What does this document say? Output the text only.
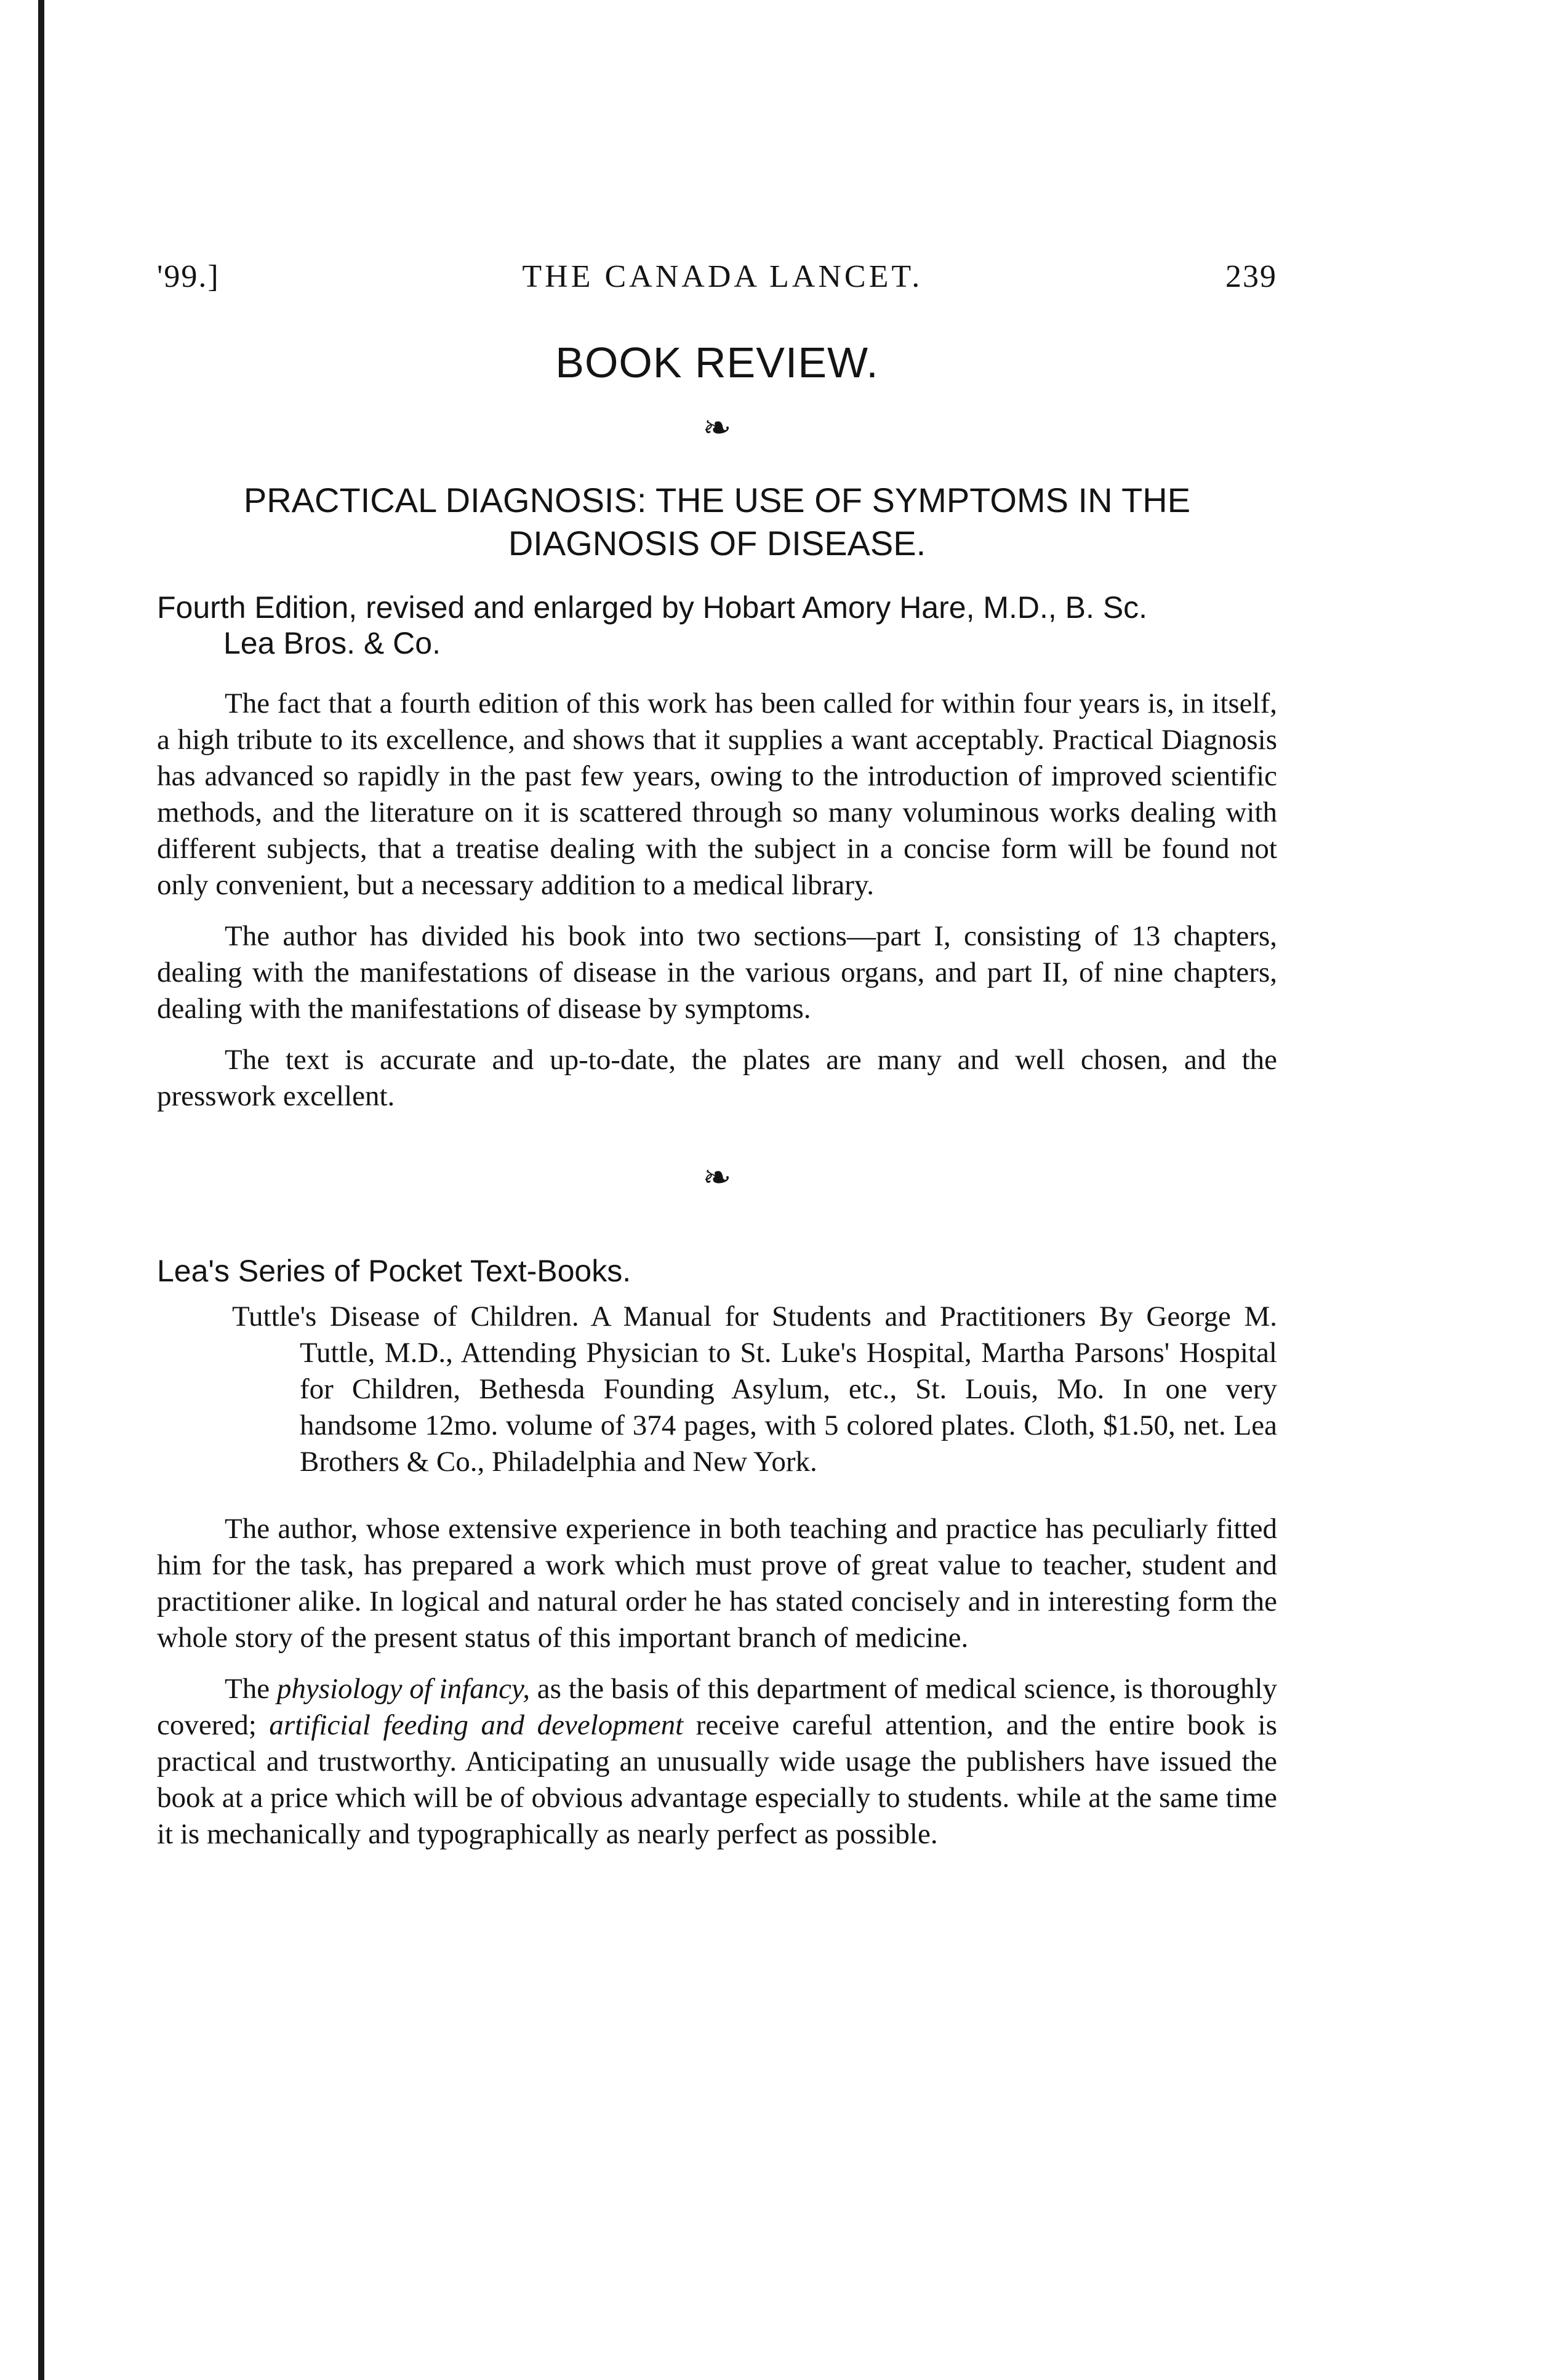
'99.]	THE CANADA LANCET.	239
BOOK REVIEW.
❧
PRACTICAL DIAGNOSIS: THE USE OF SYMPTOMS IN THE DIAGNOSIS OF DISEASE.
Fourth Edition, revised and enlarged by Hobart Amory Hare, M.D., B. Sc.
Lea Bros. & Co.

The fact that a fourth edition of this work has been called for within four years is, in itself, a high tribute to its excellence, and shows that it supplies a want acceptably. Practical Diagnosis has advanced so rapidly in the past few years, owing to the introduction of improved scientific methods, and the literature on it is scattered through so many voluminous works dealing with different subjects, that a treatise dealing with the subject in a concise form will be found not only convenient, but a necessary addition to a medical library.

The author has divided his book into two sections—part I, consisting of 13 chapters, dealing with the manifestations of disease in the various organs, and part II, of nine chapters, dealing with the manifestations of disease by symptoms.

The text is accurate and up-to-date, the plates are many and well chosen, and the presswork excellent.

❧
Lea's Series of Pocket Text-Books.

Tuttle's Disease of Children. A Manual for Students and Practitioners By George M. Tuttle, M.D., Attending Physician to St. Luke's Hospital, Martha Parsons' Hospital for Children, Bethesda Founding Asylum, etc., St. Louis, Mo. In one very handsome 12mo. volume of 374 pages, with 5 colored plates. Cloth, $1.50, net. Lea Brothers & Co., Philadelphia and New York.

The author, whose extensive experience in both teaching and practice has peculiarly fitted him for the task, has prepared a work which must prove of great value to teacher, student and practitioner alike. In logical and natural order he has stated concisely and in interesting form the whole story of the present status of this important branch of medicine.

The physiology of infancy, as the basis of this department of medical science, is thoroughly covered; artificial feeding and development receive careful attention, and the entire book is practical and trustworthy. Anticipating an unusually wide usage the publishers have issued the book at a price which will be of obvious advantage especially to students. while at the same time it is mechanically and typographically as nearly perfect as possible.
